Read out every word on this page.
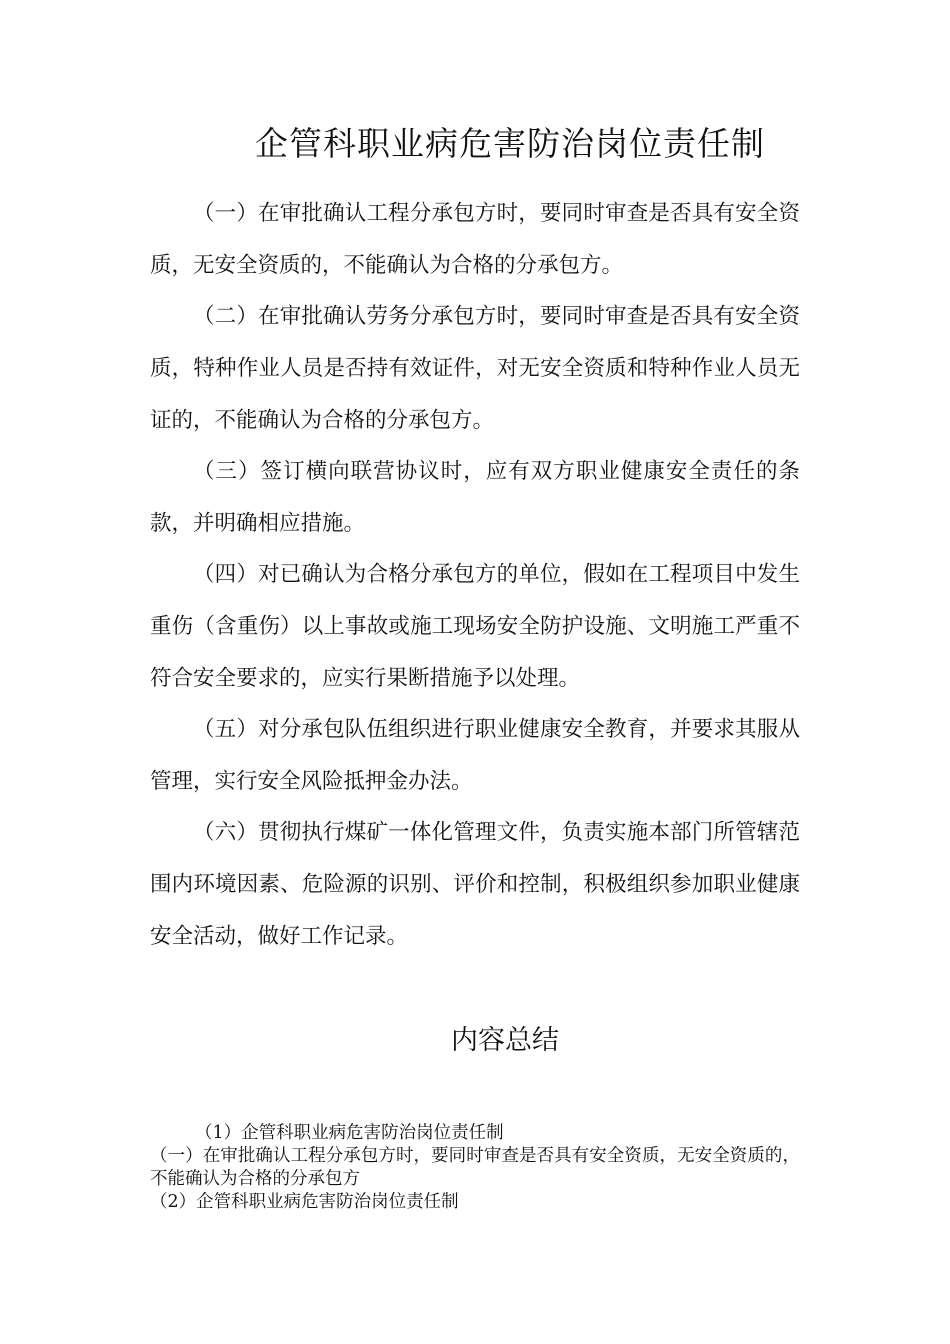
企管科职业病危害防治岗位责任制

（一）在审批确认工程分承包方时，要同时审查是否具有安全资质，无安全资质的，不能确认为合格的分承包方。

（二）在审批确认劳务分承包方时，要同时审查是否具有安全资质，特种作业人员是否持有效证件，对无安全资质和特种作业人员无证的，不能确认为合格的分承包方。

（三）签订横向联营协议时，应有双方职业健康安全责任的条款，并明确相应措施。

（四）对已确认为合格分承包方的单位，假如在工程项目中发生重伤（含重伤）以上事故或施工现场安全防护设施、文明施工严重不符合安全要求的，应实行果断措施予以处理。

（五）对分承包队伍组织进行职业健康安全教育，并要求其服从管理，实行安全风险抵押金办法。

（六）贯彻执行煤矿一体化管理文件，负责实施本部门所管辖范围内环境因素、危险源的识别、评价和控制，积极组织参加职业健康安全活动，做好工作记录。

内容总结

（1）企管科职业病危害防治岗位责任制

（一）在审批确认工程分承包方时，要同时审查是否具有安全资质，无安全资质的，不能确认为合格的分承包方

（2）企管科职业病危害防治岗位责任制
